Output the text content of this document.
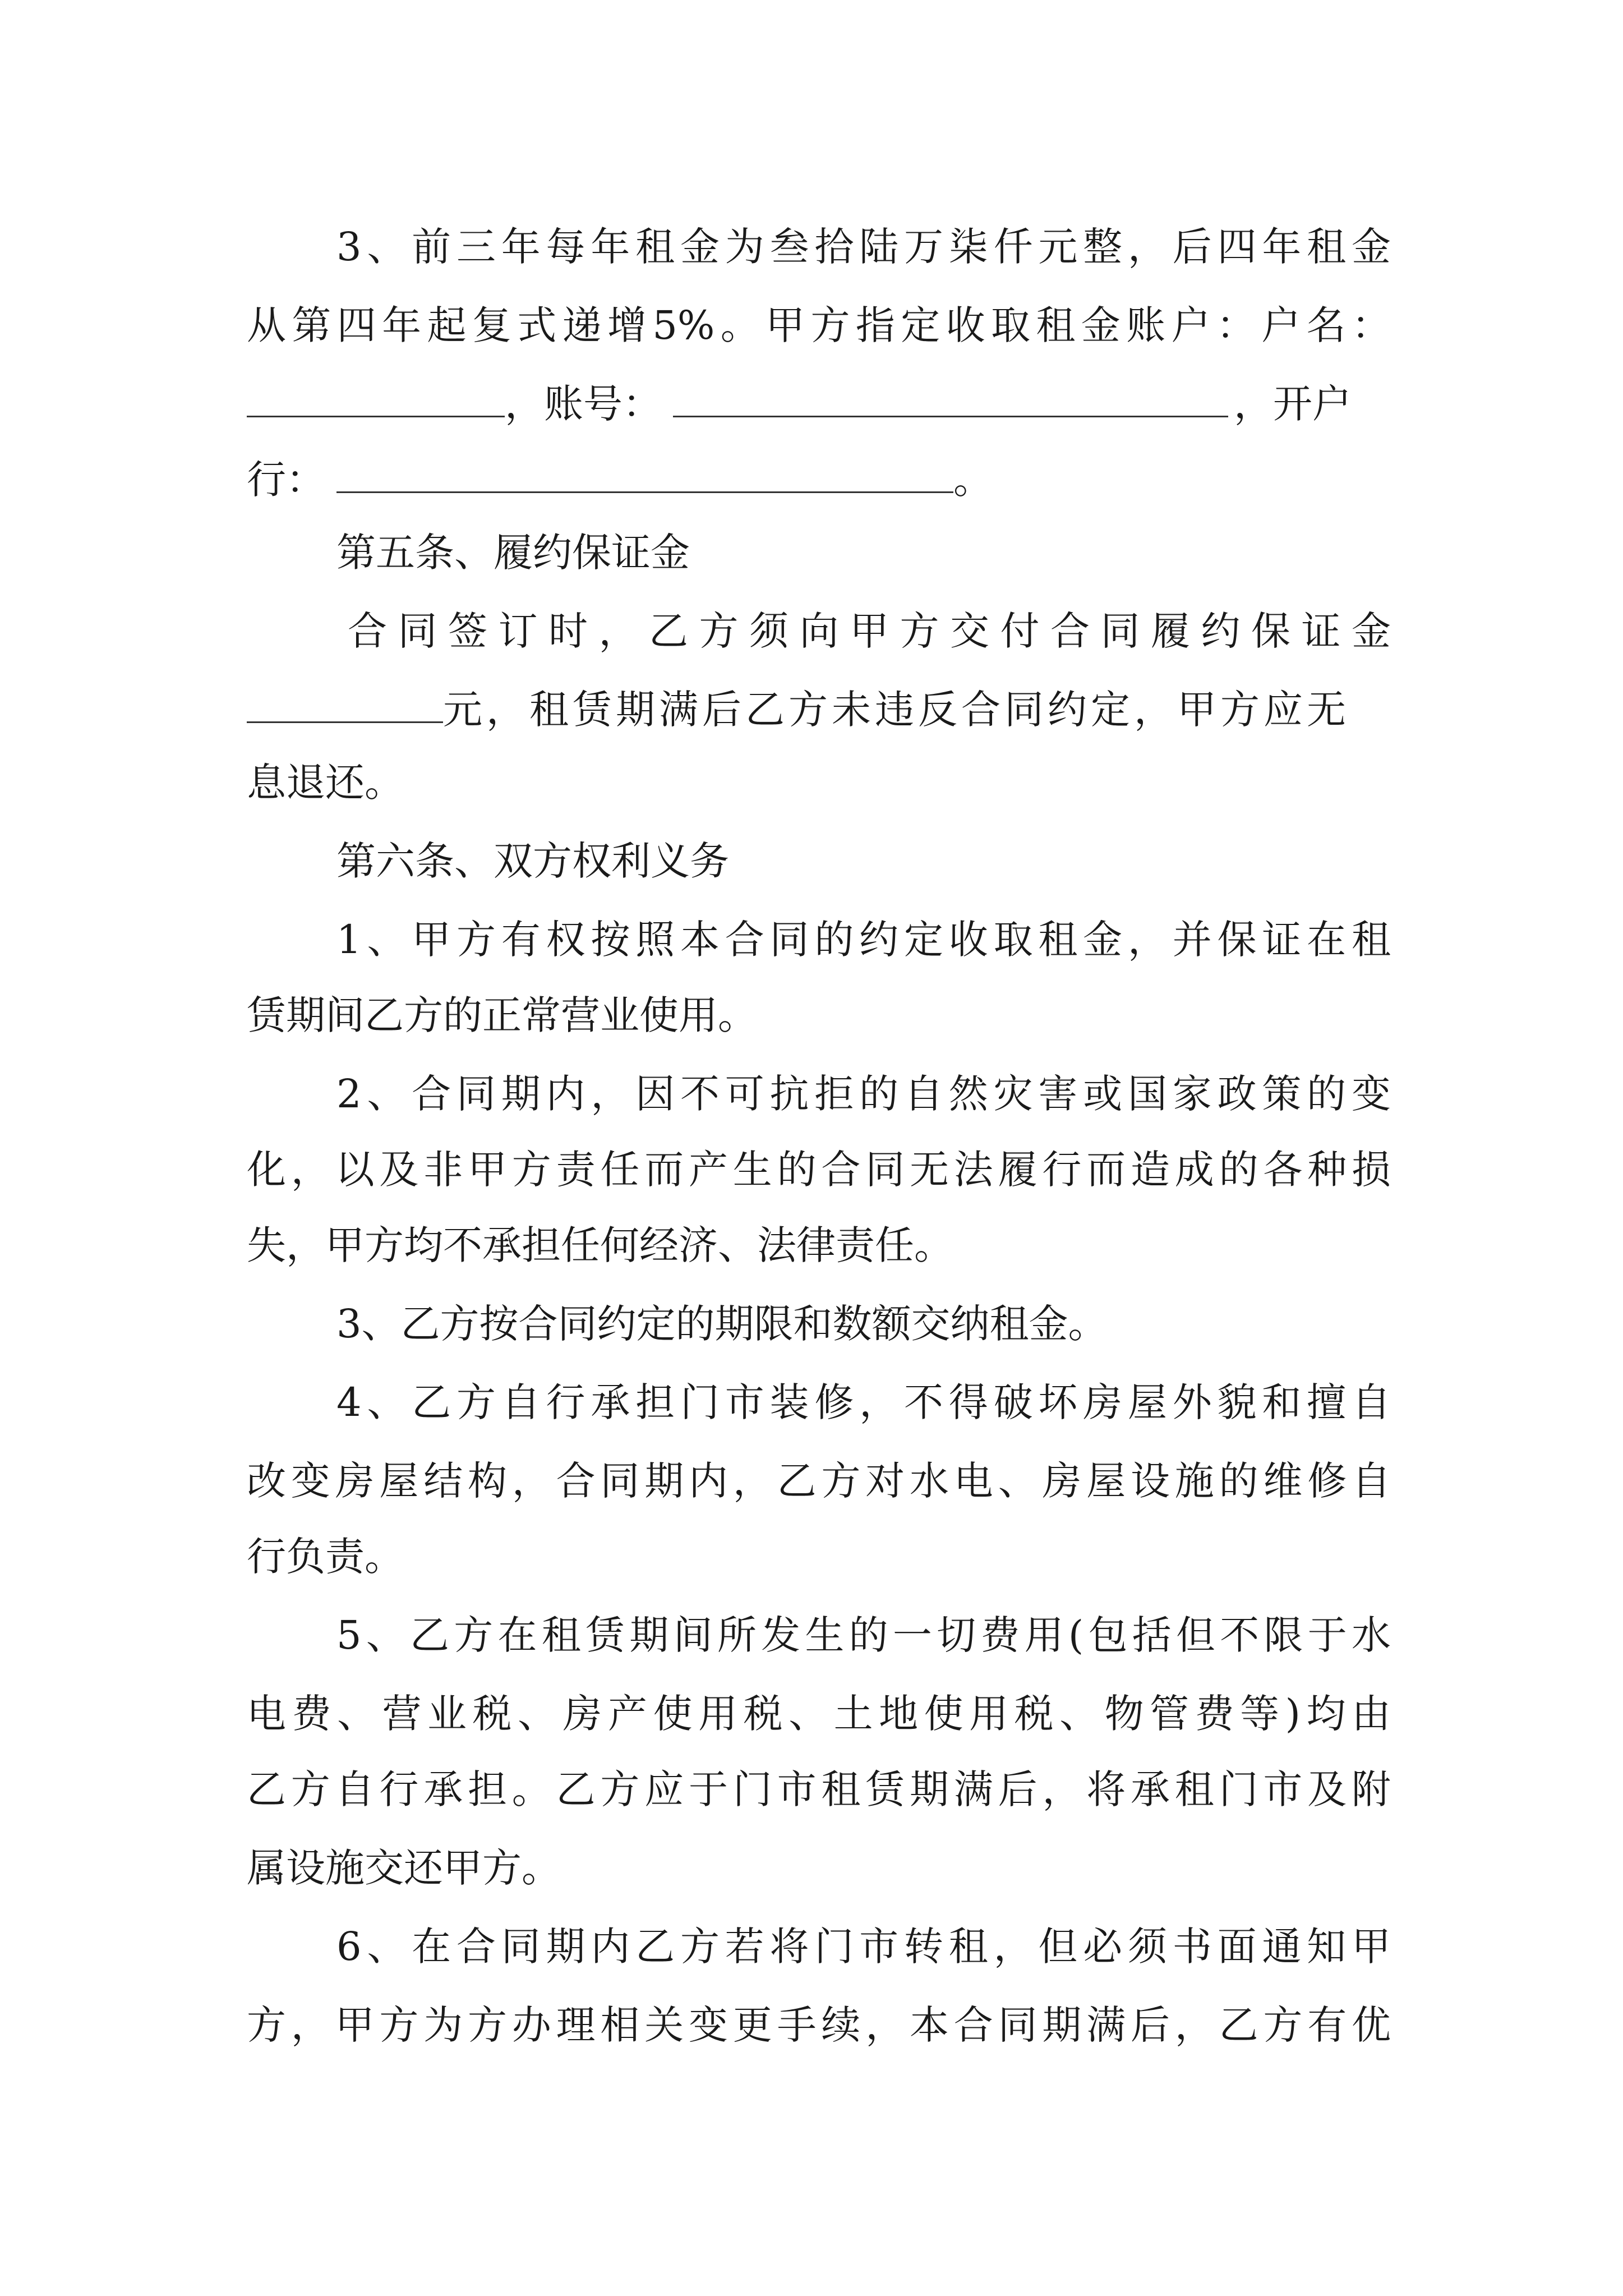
3、前三年每年租金为叁拾陆万柒仟元整，后四年租金
从第四年起复式递增5%。甲方指定收取租金账户：户名：
，账号：	，开户
行：	。
第五条、履约保证金
合同签订时，乙方须向甲方交付合同履约保证金
元，租赁期满后乙方未违反合同约定，甲方应无
息退还。
第六条、双方权利义务
1、甲方有权按照本合同的约定收取租金，并保证在租
赁期间乙方的正常营业使用。
2、合同期内，因不可抗拒的自然灾害或国家政策的变
化，以及非甲方责任而产生的合同无法履行而造成的各种损
失，甲方均不承担任何经济、法律责任。
3、乙方按合同约定的期限和数额交纳租金。
4、乙方自行承担门市装修，不得破坏房屋外貌和擅自
改变房屋结构，合同期内，乙方对水电、房屋设施的维修自
行负责。
5、乙方在租赁期间所发生的一切费用(包括但不限于水
电费、营业税、房产使用税、土地使用税、物管费等)均由
乙方自行承担。乙方应于门市租赁期满后，将承租门市及附
属设施交还甲方。
6、在合同期内乙方若将门市转租，但必须书面通知甲
方，甲方为方办理相关变更手续，本合同期满后，乙方有优
